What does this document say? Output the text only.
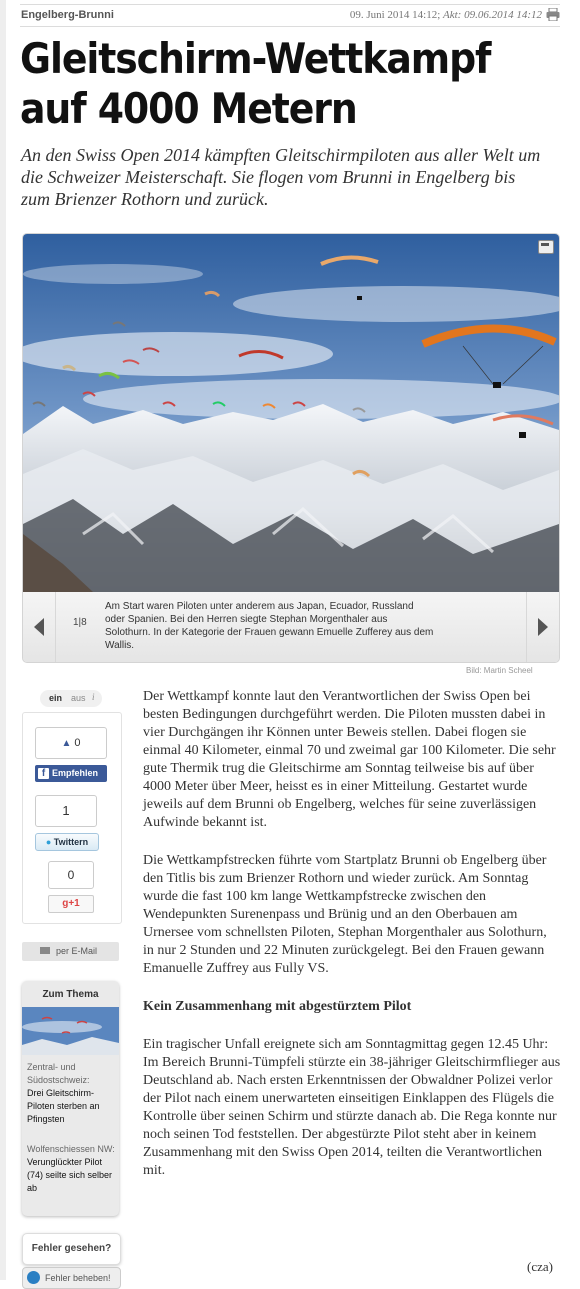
Engelberg-Brunni	09. Juni 2014 14:12; Akt: 09.06.2014 14:12
Gleitschirm-Wettkampf auf 4000 Metern

An den Swiss Open 2014 kämpften Gleitschirmpiloten aus aller Welt um die Schweizer Meisterschaft. Sie flogen vom Brunni in Engelberg bis zum Brienzer Rothorn und zurück.

1|8
Am Start waren Piloten unter anderem aus Japan, Ecuador, Russland oder Spanien. Bei den Herren siegte Stephan Morgenthaler aus Solothurn. In der Kategorie der Frauen gewann Emuelle Zufferey aus dem Wallis.
Bild: Martin Scheel
ein aus i
▲ 0
f Empfehlen
1
● Twittern
0
g+1
per E-Mail
Zum Thema
Zentral- und Südostschweiz:
Drei Gleitschirm-Piloten sterben an Pfingsten
Wolfenschiessen NW:
Verunglückter Pilot (74) seilte sich selber ab
Fehler gesehen?
Fehler beheben!

Der Wettkampf konnte laut den Verantwortlichen der Swiss Open bei besten Bedingungen durchgeführt werden. Die Piloten mussten dabei in vier Durchgängen ihr Können unter Beweis stellen. Dabei flogen sie einmal 40 Kilometer, einmal 70 und zweimal gar 100 Kilometer. Die sehr gute Thermik trug die Gleitschirme am Sonntag teilweise bis auf über 4000 Meter über Meer, heisst es in einer Mitteilung. Gestartet wurde jeweils auf dem Brunni ob Engelberg, welches für seine zuverlässigen Aufwinde bekannt ist.

Die Wettkampfstrecken führte vom Startplatz Brunni ob Engelberg über den Titlis bis zum Brienzer Rothorn und wieder zurück. Am Sonntag wurde die fast 100 km lange Wettkampfstrecke zwischen den Wendepunkten Surenenpass und Brünig und an den Oberbauen am Urnersee vom schnellsten Piloten, Stephan Morgenthaler aus Solothurn, in nur 2 Stunden und 22 Minuten zurückgelegt. Bei den Frauen gewann Emanuelle Zuffrey aus Fully VS.

Kein Zusammenhang mit abgestürztem Pilot

Ein tragischer Unfall ereignete sich am Sonntagmittag gegen 12.45 Uhr: Im Bereich Brunni-Tümpfeli stürzte ein 38-jähriger Gleitschirmflieger aus Deutschland ab. Nach ersten Erkenntnissen der Obwaldner Polizei verlor der Pilot nach einem unerwarteten einseitigen Einklappen des Flügels die Kontrolle über seinen Schirm und stürzte danach ab. Die Rega konnte nur noch seinen Tod feststellen. Der abgestürzte Pilot steht aber in keinem Zusammenhang mit den Swiss Open 2014, teilten die Verantwortlichen mit.

(cza)
